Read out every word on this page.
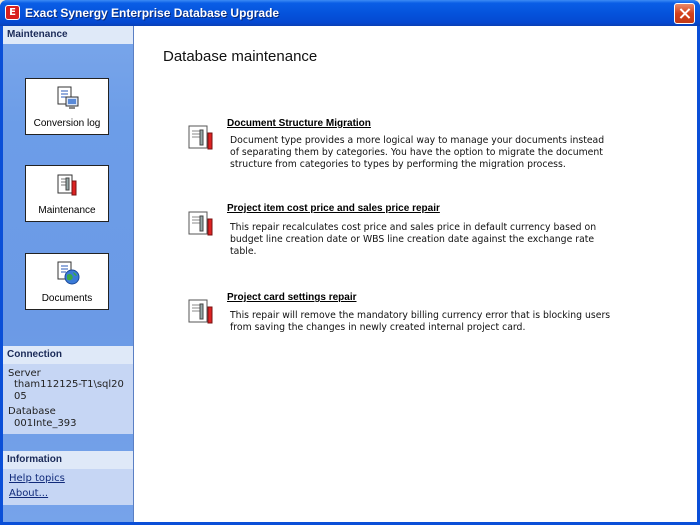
E Exact Synergy Enterprise Database Upgrade
Maintenance
Conversion log
Maintenance
Documents
Connection
Server
tham112125-T1\sql20
05
Database
001Inte_393
Information
Help topics
About...
Database maintenance
Document Structure Migration
Document type provides a more logical way to manage your documents instead
of separating them by categories. You have the option to migrate the document
structure from categories to types by performing the migration process.
Project item cost price and sales price repair
This repair recalculates cost price and sales price in default currency based on
budget line creation date or WBS line creation date against the exchange rate
table.
Project card settings repair
This repair will remove the mandatory billing currency error that is blocking users
from saving the changes in newly created internal project card.
